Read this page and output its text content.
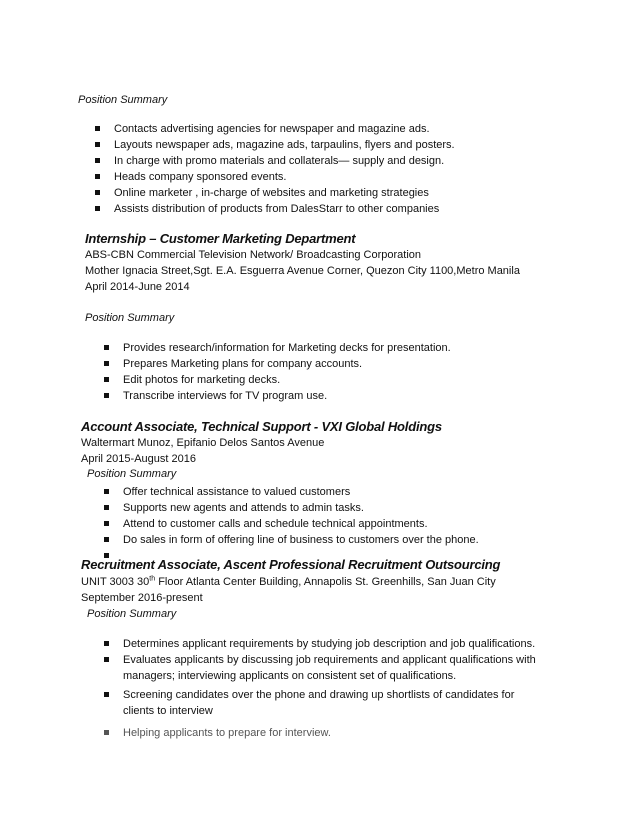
Position Summary
Contacts advertising agencies for newspaper and magazine ads.
Layouts newspaper ads, magazine ads, tarpaulins, flyers and posters.
In charge with promo materials and collaterals— supply and design.
Heads company sponsored events.
Online marketer , in-charge of websites and marketing strategies
Assists distribution of products from DalesStarr to other companies
Internship – Customer Marketing Department
ABS-CBN Commercial Television Network/ Broadcasting Corporation
Mother Ignacia Street,Sgt. E.A. Esguerra Avenue Corner, Quezon City 1100,Metro Manila
April 2014-June 2014
Position Summary
Provides research/information for Marketing decks for presentation.
Prepares Marketing plans for company accounts.
Edit photos for marketing decks.
Transcribe interviews for TV program use.
Account Associate, Technical Support - VXI Global Holdings
Waltermart Munoz, Epifanio Delos Santos Avenue
April 2015-August 2016
Position Summary
Offer technical assistance to valued customers
Supports new agents and attends to admin tasks.
Attend to customer calls and schedule technical appointments.
Do sales in form of offering line of business to customers over the phone.
Recruitment Associate, Ascent Professional Recruitment Outsourcing
UNIT 3003 30th Floor Atlanta Center Building, Annapolis St. Greenhills, San Juan City
September 2016-present
Position Summary
Determines applicant requirements by studying job description and job qualifications.
Evaluates applicants by discussing job requirements and applicant qualifications with managers; interviewing applicants on consistent set of qualifications.
Screening candidates over the phone and drawing up shortlists of candidates for clients to interview
Helping applicants to prepare for interview.
